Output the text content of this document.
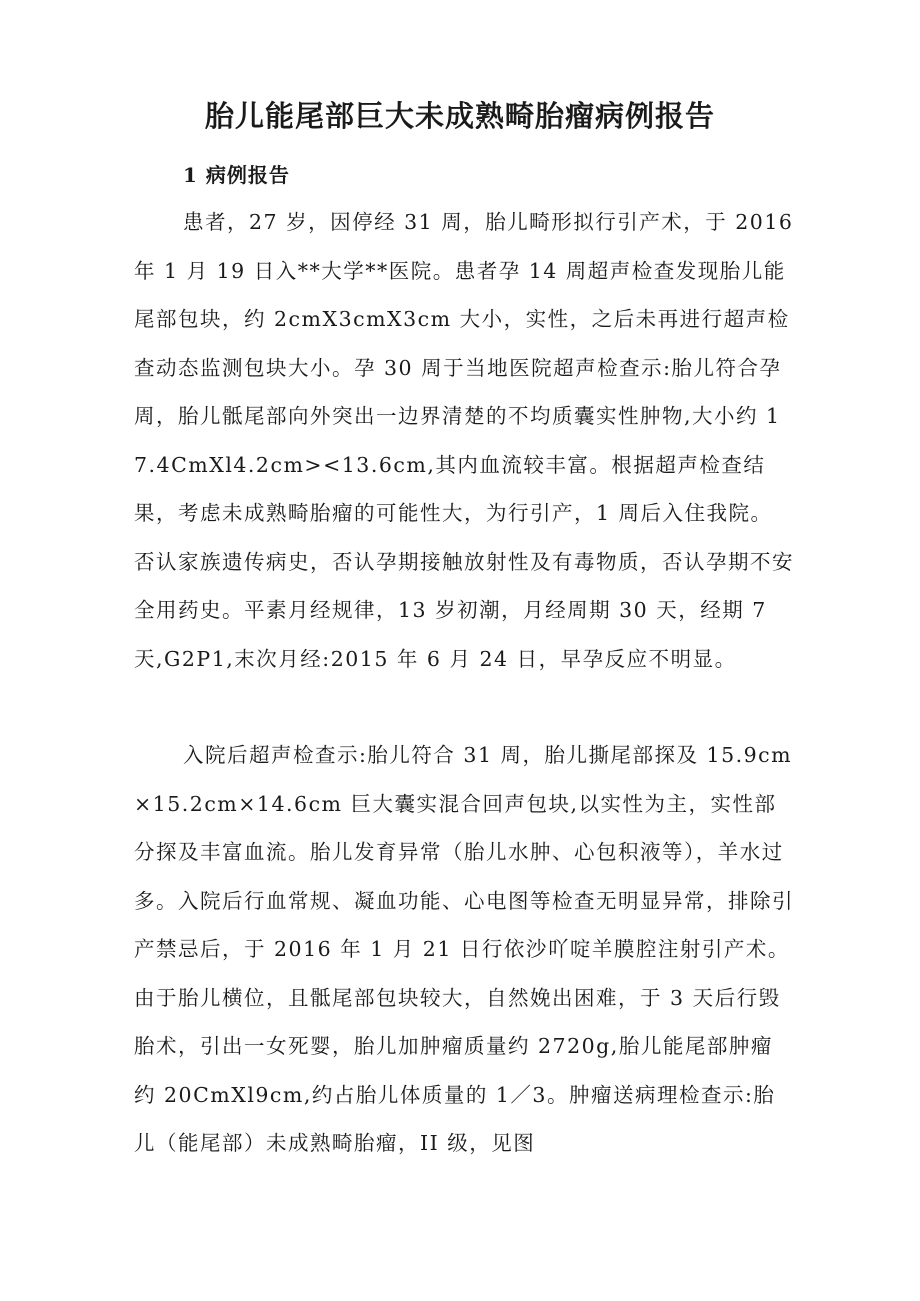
胎儿能尾部巨大未成熟畸胎瘤病例报告
1 病例报告

患者，27 岁，因停经 31 周，胎儿畸形拟行引产术，于 2016 年 1 月 19 日入**大学**医院。患者孕 14 周超声检查发现胎儿能尾部包块，约 2cmX3cmX3cm 大小，实性，之后未再进行超声检查动态监测包块大小。孕 30 周于当地医院超声检查示:胎儿符合孕周，胎儿骶尾部向外突出一边界清楚的不均质囊实性肿物,大小约 17.4CmXl4.2cm><13.6cm,其内血流较丰富。根据超声检查结果，考虑未成熟畸胎瘤的可能性大，为行引产，1 周后入住我院。否认家族遗传病史，否认孕期接触放射性及有毒物质，否认孕期不安全用药史。平素月经规律，13 岁初潮，月经周期 30 天，经期 7 天,G2P1,末次月经:2015 年 6 月 24 日，早孕反应不明显。

入院后超声检查示:胎儿符合 31 周，胎儿撕尾部探及 15.9cm×15.2cm×14.6cm 巨大囊实混合回声包块,以实性为主，实性部分探及丰富血流。胎儿发育异常（胎儿水肿、心包积液等），羊水过多。入院后行血常规、凝血功能、心电图等检查无明显异常，排除引产禁忌后，于 2016 年 1 月 21 日行依沙吖啶羊膜腔注射引产术。由于胎儿横位，且骶尾部包块较大，自然娩出困难，于 3 天后行毁胎术，引出一女死婴，胎儿加肿瘤质量约 2720g,胎儿能尾部肿瘤约 20CmXl9cm,约占胎儿体质量的 1／3。肿瘤送病理检查示:胎儿（能尾部）未成熟畸胎瘤，II 级，见图
